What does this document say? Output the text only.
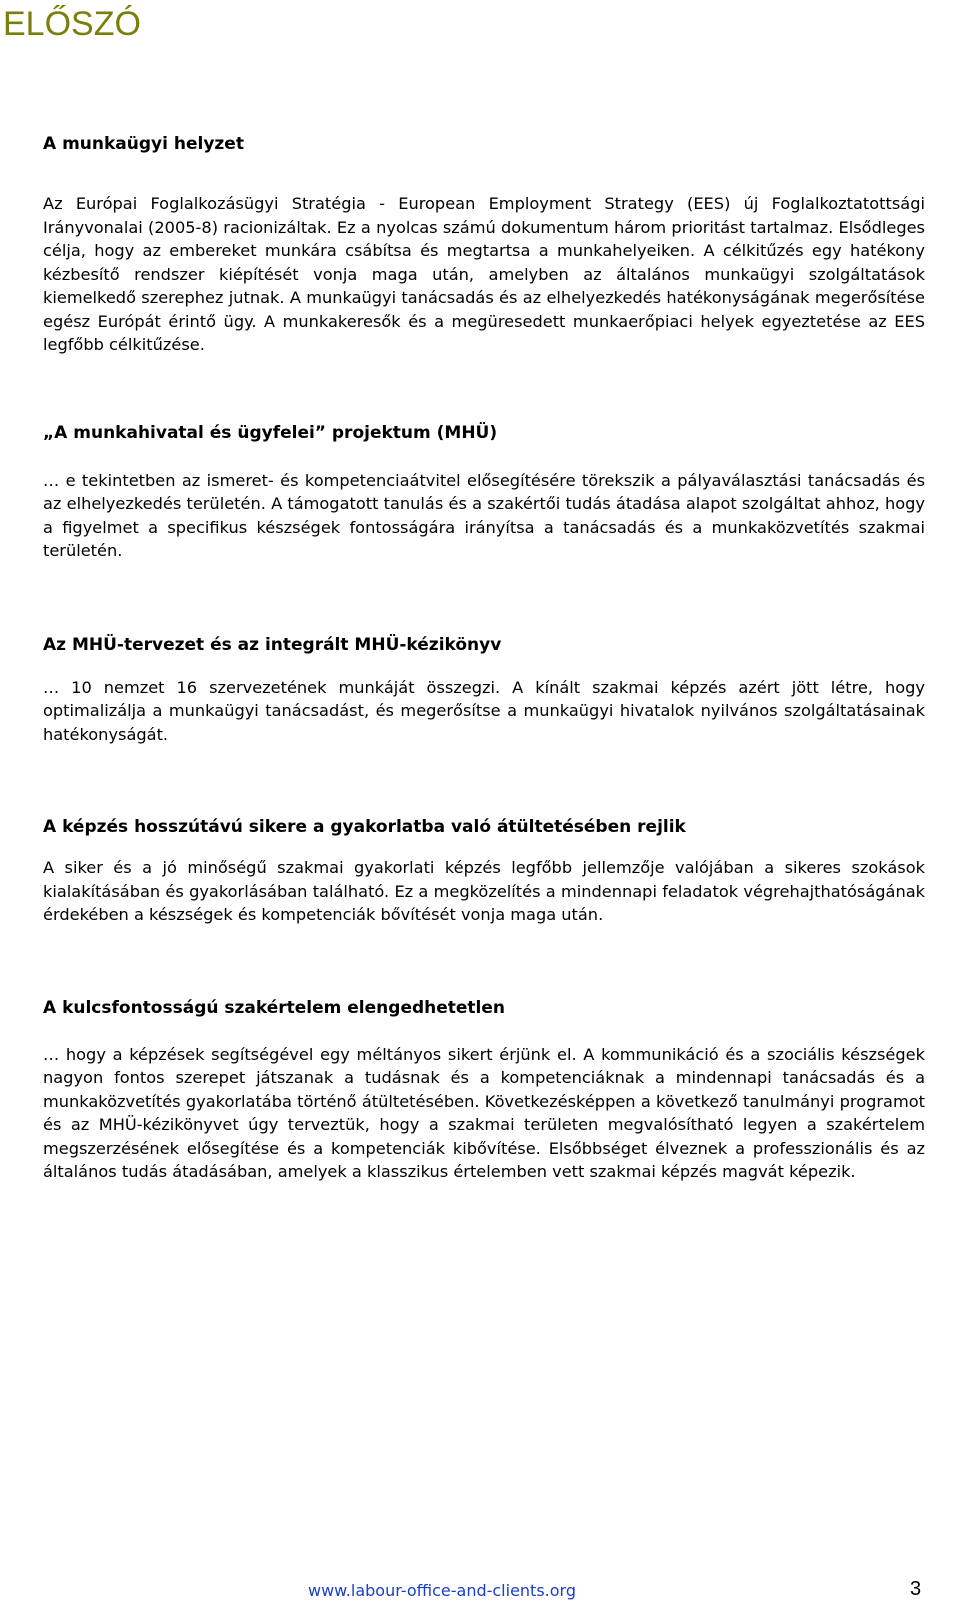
ELŐSZÓ
A munkaügyi helyzet

Az Európai Foglalkozásügyi Stratégia - European Employment Strategy (EES) új Foglalkoztatottsági Irányvonalai (2005-8) racionizáltak. Ez a nyolcas számú dokumentum három prioritást tartalmaz. Elsődleges célja, hogy az embereket munkára csábítsa és megtartsa a munkahelyeiken. A célkitűzés egy hatékony kézbesítő rendszer kiépítését vonja maga után, amelyben az általános munkaügyi szolgáltatások kiemelkedő szerephez jutnak. A munkaügyi tanácsadás és az elhelyezkedés hatékonyságának megerősítése egész Európát érintő ügy. A munkakeresők és a megüresedett munkaerőpiaci helyek egyeztetése az EES legfőbb célkitűzése.

„A munkahivatal és ügyfelei” projektum (MHÜ)

… e tekintetben az ismeret- és kompetenciaátvitel elősegítésére törekszik a pályaválasztási tanácsadás és az elhelyezkedés területén. A támogatott tanulás és a szakértői tudás átadása alapot szolgáltat ahhoz, hogy a figyelmet a specifikus készségek fontosságára irányítsa a tanácsadás és a munkaközvetítés szakmai területén.

Az MHÜ-tervezet és az integrált MHÜ-kézikönyv

… 10 nemzet 16 szervezetének munkáját összegzi. A kínált szakmai képzés azért jött létre, hogy optimalizálja a munkaügyi tanácsadást, és megerősítse a munkaügyi hivatalok nyilvános szolgáltatásainak hatékonyságát.

A képzés hosszútávú sikere a gyakorlatba való átültetésében rejlik

A siker és a jó minőségű szakmai gyakorlati képzés legfőbb jellemzője valójában a sikeres szokások kialakításában és gyakorlásában található. Ez a megközelítés a mindennapi feladatok végrehajthatóságának érdekében a készségek és kompetenciák bővítését vonja maga után.

A kulcsfontosságú szakértelem elengedhetetlen

… hogy a képzések segítségével egy méltányos sikert érjünk el. A kommunikáció és a szociális készségek nagyon fontos szerepet játszanak a tudásnak és a kompetenciáknak a mindennapi tanácsadás és a munkaközvetítés gyakorlatába történő átültetésében. Következésképpen a következő tanulmányi programot és az MHÜ-kézikönyvet úgy terveztük, hogy a szakmai területen megvalósítható legyen a szakértelem megszerzésének elősegítése és a kompetenciák kibővítése. Elsőbbséget élveznek a professzionális és az általános tudás átadásában, amelyek a klasszikus értelemben vett szakmai képzés magvát képezik.

www.labour-office-and-clients.org	3
